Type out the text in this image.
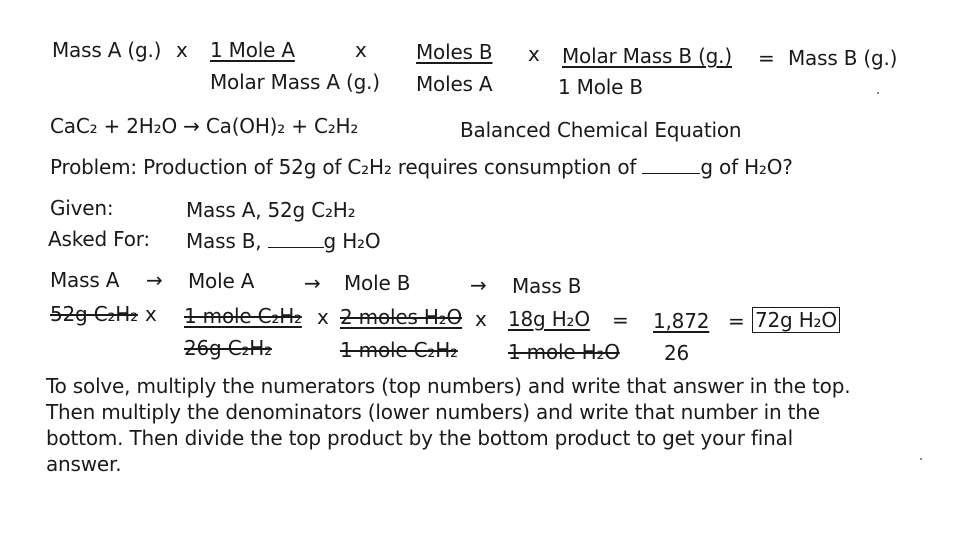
Mass A (g.) x 1 Mole A	x Moles B x Molar Mass B (g.) = Mass B (g.)
Molar Mass A (g.) Moles A	1 Mole B
CaC₂ + 2H₂O → Ca(OH)₂ + C₂H₂	Balanced Chemical Equation
Problem: Production of 52g of C₂H₂ requires consumption of	g of H₂O?
Given:	Mass A, 52g C₂H₂
Asked For: Mass B,	g H₂O
Mass A → Mole A → Mole B	→ Mass B
52g C₂H₂ x 1 mole C₂H₂ x 2 moles H₂O x 18g H₂O = 1,872 = 72g H₂O
26g C₂H₂	1 mole C₂H₂	1 mole H₂O 26
To solve, multiply the numerators (top numbers) and write that answer in the top.
Then multiply the denominators (lower numbers) and write that number in the
bottom. Then divide the top product by the bottom product to get your final
answer.
